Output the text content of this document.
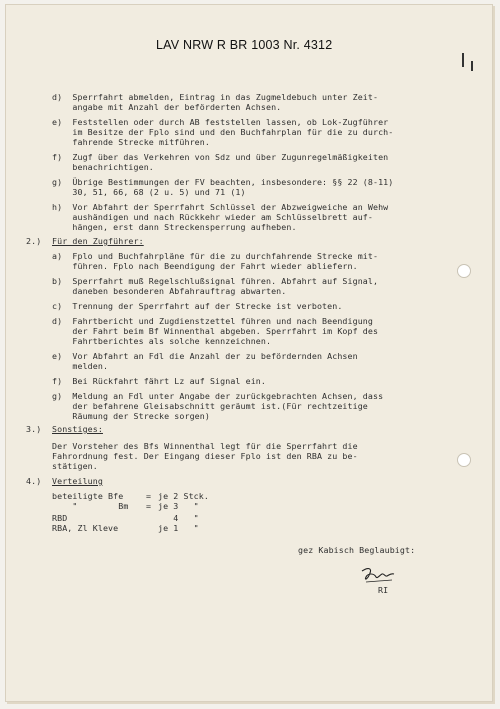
LAV NRW R BR 1003 Nr. 4312
d)  Sperrfahrt abmelden, Eintrag in das Zugmeldebuch unter Zeit-
angabe mit Anzahl der beförderten Achsen.
e)  Feststellen oder durch AB feststellen lassen, ob Lok-Zugführer
im Besitze der Fplo sind und den Buchfahrplan für die zu durch-
fahrende Strecke mitführen.
f)  Zugf über das Verkehren von Sdz und über Zugunregelmäßigkeiten
benachrichtigen.
g)  Übrige Bestimmungen der FV beachten, insbesondere: §§ 22 (8-11)
30, 51, 66, 68 (2 u. 5) und 71 (1)
h)  Vor Abfahrt der Sperrfahrt Schlüssel der Abzweigweiche an Wehw
aushändigen und nach Rückkehr wieder am Schlüsselbrett auf-
hängen, erst dann Streckensperrung aufheben.
2.) Für den Zugführer:
a)  Fplo und Buchfahrpläne für die zu durchfahrende Strecke mit-
führen. Fplo nach Beendigung der Fahrt wieder abliefern.
b)  Sperrfahrt muß Regelschlußsignal führen. Abfahrt auf Signal,
daneben besonderen Abfahrauftrag abwarten.
c)  Trennung der Sperrfahrt auf der Strecke ist verboten.
d)  Fahrtbericht und Zugdienstzettel führen und nach Beendigung
der Fahrt beim Bf Winnenthal abgeben. Sperrfahrt im Kopf des
Fahrtberichtes als solche kennzeichnen.
e)  Vor Abfahrt an Fdl die Anzahl der zu befördernden Achsen
melden.
f)  Bei Rückfahrt fährt Lz auf Signal ein.
g)  Meldung an Fdl unter Angabe der zurückgebrachten Achsen, dass
der befahrene Gleisabschnitt geräumt ist.(Für rechtzeitige
Räumung der Strecke sorgen)
3.) Sonstiges:
Der Vorsteher des Bfs Winnenthal legt für die Sperrfahrt die
Fahrordnung fest. Der Eingang dieser Fplo ist den RBA zu be-
stätigen.
4.) Verteilung
beteiligte Bfe	= je 2 Stck.
"        Bm = je 3   "
RBD	4   "
RBA, Zl Kleve	je 1   "
gez Kabisch Beglaubigt:
RI
